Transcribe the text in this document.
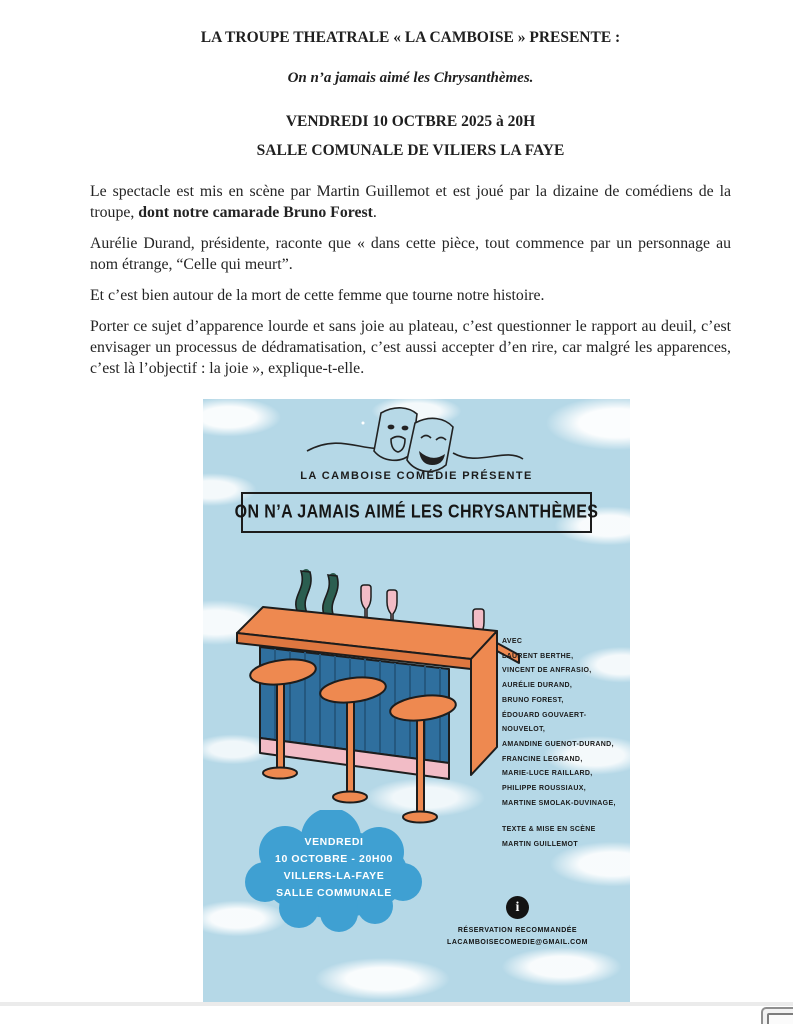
LA TROUPE THEATRALE « LA CAMBOISE » PRESENTE :
On n’a jamais aimé les Chrysanthèmes.
VENDREDI 10 OCTBRE 2025 à 20H
SALLE COMUNALE DE VILIERS LA FAYE

Le spectacle est mis en scène par Martin Guillemot et est joué par la dizaine de comédiens de la troupe, dont notre camarade Bruno Forest.

Aurélie Durand, présidente, raconte que « dans cette pièce, tout commence par un personnage au nom étrange, “Celle qui meurt”.

Et c’est bien autour de la mort de cette femme que tourne notre histoire.

Porter ce sujet d’apparence lourde et sans joie au plateau, c’est questionner le rapport au deuil, c’est envisager un processus de dédramatisation, c’est aussi accepter d’en rire, car malgré les apparences, c’est là l’objectif : la joie », explique-t-elle.

LA CAMBOISE COMÉDIE PRÉSENTE
ON N’A JAMAIS AIMÉ LES CHRYSANTHÈMES
AVEC
LAURENT BERTHE,
VINCENT DE ANFRASIO,
AURÉLIE DURAND,
BRUNO FOREST,
ÉDOUARD GOUVAERT-NOUVELOT,
AMANDINE GUENOT-DURAND,
FRANCINE LEGRAND,
MARIE-LUCE RAILLARD,
PHILIPPE ROUSSIAUX,
MARTINE SMOLAK-DUVINAGE,
TEXTE & MISE EN SCÈNE
MARTIN GUILLEMOT
VENDREDI
10 OCTOBRE - 20H00
VILLERS-LA-FAYE
SALLE COMMUNALE
i
RÉSERVATION RECOMMANDÉE
LACAMBOISECOMEDIE@GMAIL.COM
